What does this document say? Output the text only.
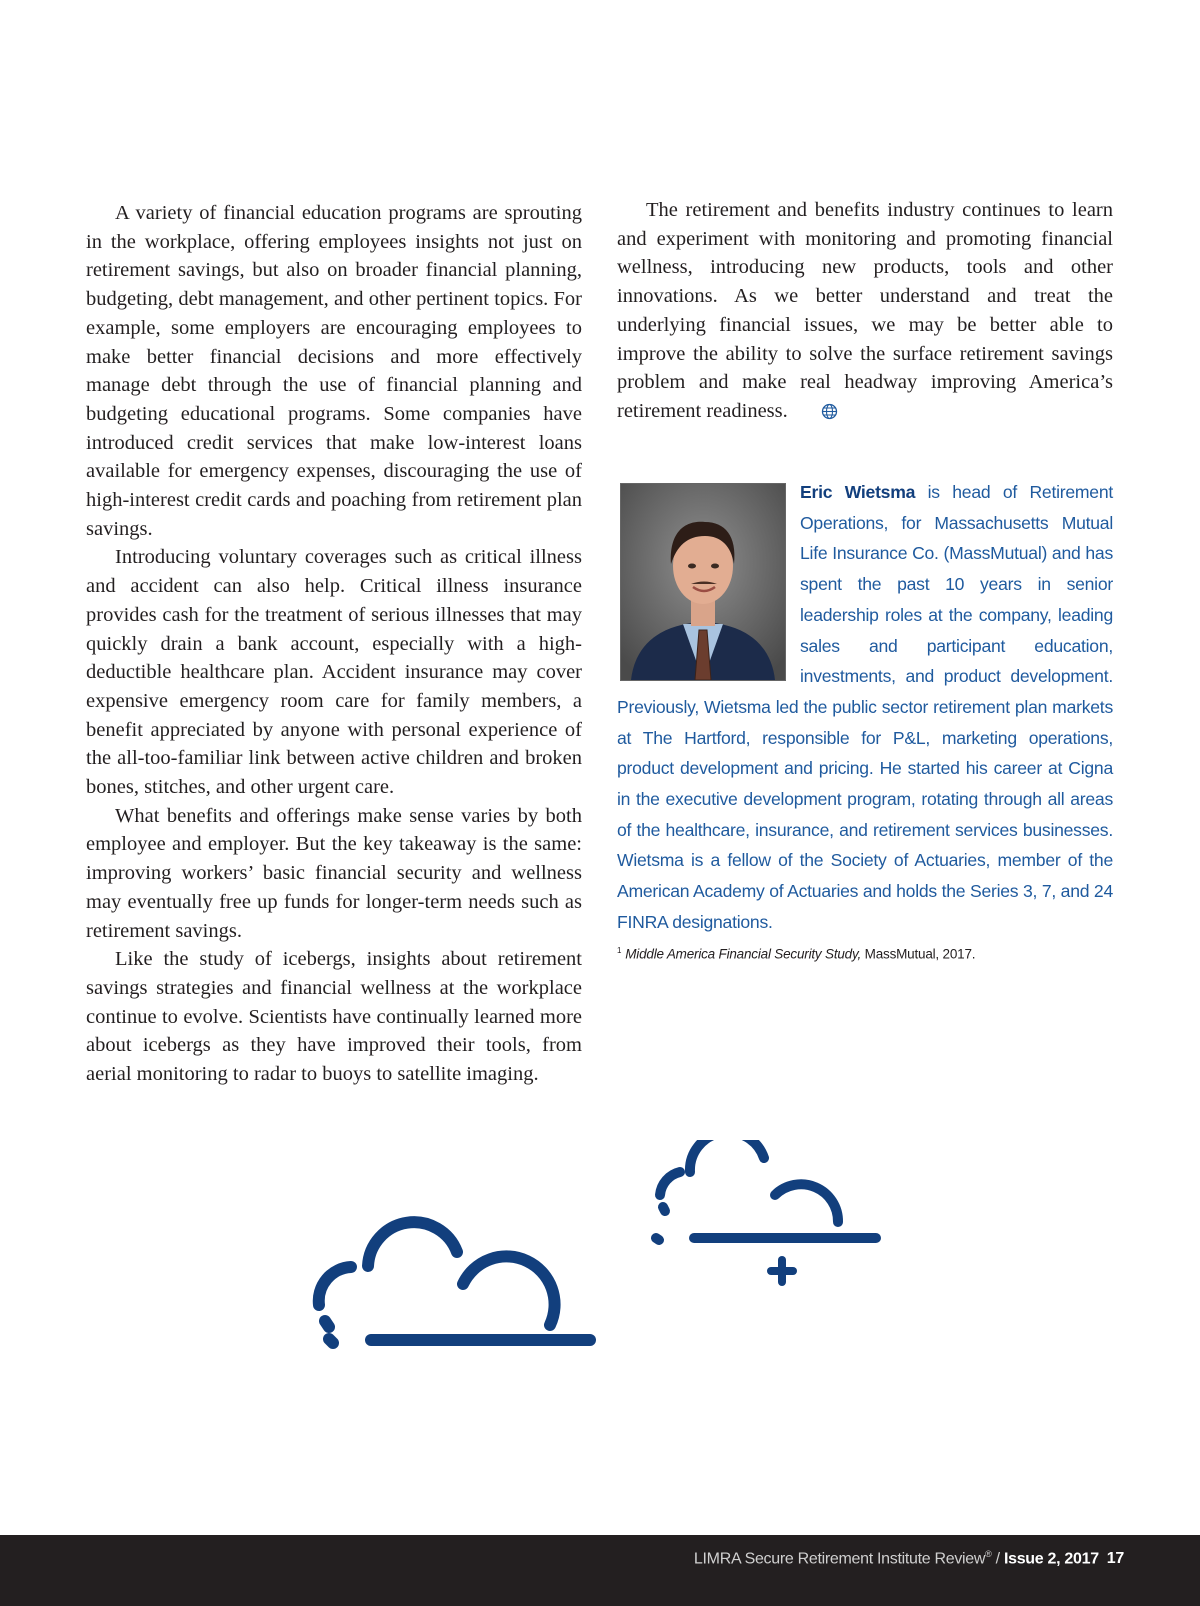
A variety of financial education programs are sprouting in the workplace, offering employees insights not just on retirement savings, but also on broader financial planning, budgeting, debt management, and other pertinent topics. For example, some employers are encouraging employees to make better financial decisions and more effectively manage debt through the use of financial planning and budgeting educational programs. Some companies have introduced credit services that make low-interest loans available for emergency expenses, discouraging the use of high-interest credit cards and poaching from retirement plan savings.

Introducing voluntary coverages such as critical illness and accident can also help. Critical illness insurance provides cash for the treatment of serious illnesses that may quickly drain a bank account, especially with a high-deductible healthcare plan. Accident insurance may cover expensive emergency room care for family members, a benefit appreciated by anyone with personal experience of the all-too-familiar link between active children and broken bones, stitches, and other urgent care.

What benefits and offerings make sense varies by both employee and employer. But the key takeaway is the same: improving workers’ basic financial security and wellness may eventually free up funds for longer-term needs such as retirement savings.

Like the study of icebergs, insights about retirement savings strategies and financial wellness at the workplace continue to evolve. Scientists have continually learned more about icebergs as they have improved their tools, from aerial monitoring to radar to buoys to satellite imaging.

The retirement and benefits industry continues to learn and experiment with monitoring and promoting financial wellness, introducing new products, tools and other innovations. As we better understand and treat the underlying financial issues, we may be better able to improve the ability to solve the surface retirement savings problem and make real headway improving America’s retirement readiness.

Eric Wietsma is head of Retirement Operations, for Massachusetts Mutual Life Insurance Co. (MassMutual) and has spent the past 10 years in senior leadership roles at the company, leading sales and participant education, investments, and product development. Previously, Wietsma led the public sector retirement plan markets at The Hartford, responsible for P&L, marketing operations, product development and pricing. He started his career at Cigna in the executive development program, rotating through all areas of the healthcare, insurance, and retirement services businesses. Wietsma is a fellow of the Society of Actuaries, member of the American Academy of Actuaries and holds the Series 3, 7, and 24 FINRA designations.

$^1$ Middle America Financial Security Study, MassMutual, 2017.
LIMRA Secure Retirement Institute Review® / Issue 2, 2017 17
